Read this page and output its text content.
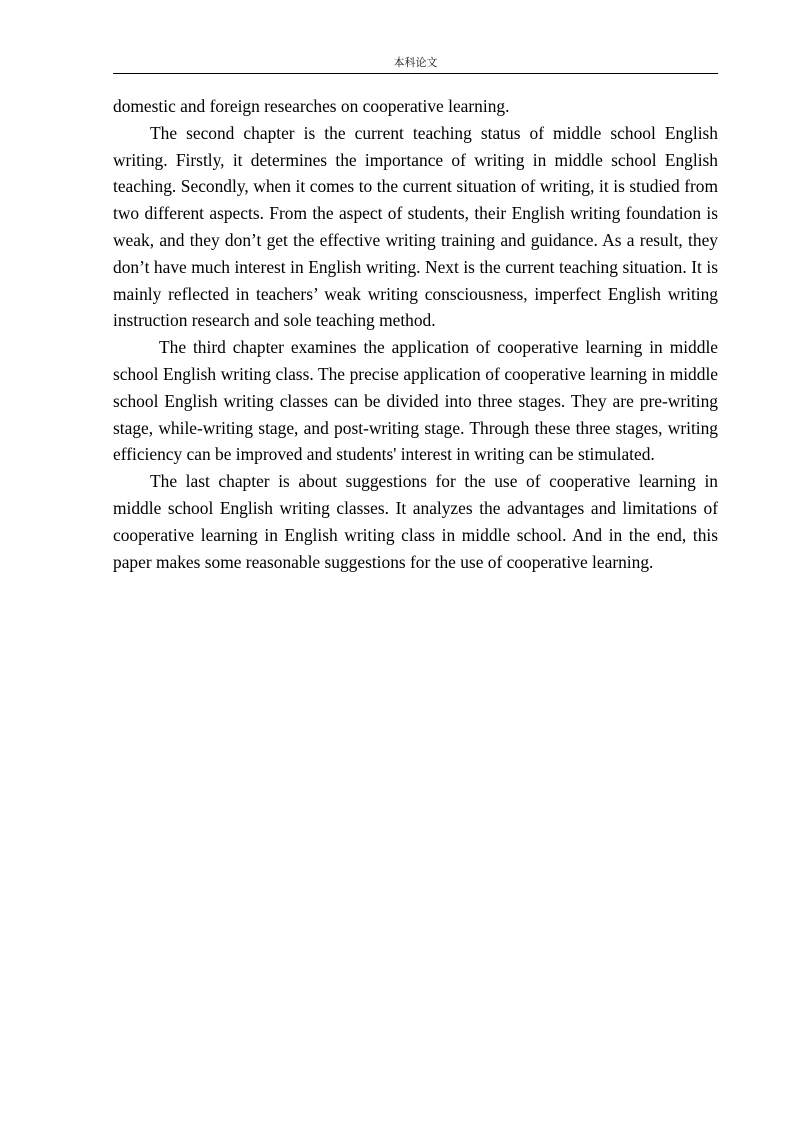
本科论文

domestic and foreign researches on cooperative learning.

The second chapter is the current teaching status of middle school English writing. Firstly, it determines the importance of writing in middle school English teaching. Secondly, when it comes to the current situation of writing, it is studied from two different aspects. From the aspect of students, their English writing foundation is weak, and they don’t get the effective writing training and guidance. As a result, they don’t have much interest in English writing. Next is the current teaching situation. It is mainly reflected in teachers’ weak writing consciousness, imperfect English writing instruction research and sole teaching method.

The third chapter examines the application of cooperative learning in middle school English writing class. The precise application of cooperative learning in middle school English writing classes can be divided into three stages. They are pre-writing stage, while-writing stage, and post-writing stage. Through these three stages, writing efficiency can be improved and students' interest in writing can be stimulated.

The last chapter is about suggestions for the use of cooperative learning in middle school English writing classes. It analyzes the advantages and limitations of cooperative learning in English writing class in middle school. And in the end, this paper makes some reasonable suggestions for the use of cooperative learning.
